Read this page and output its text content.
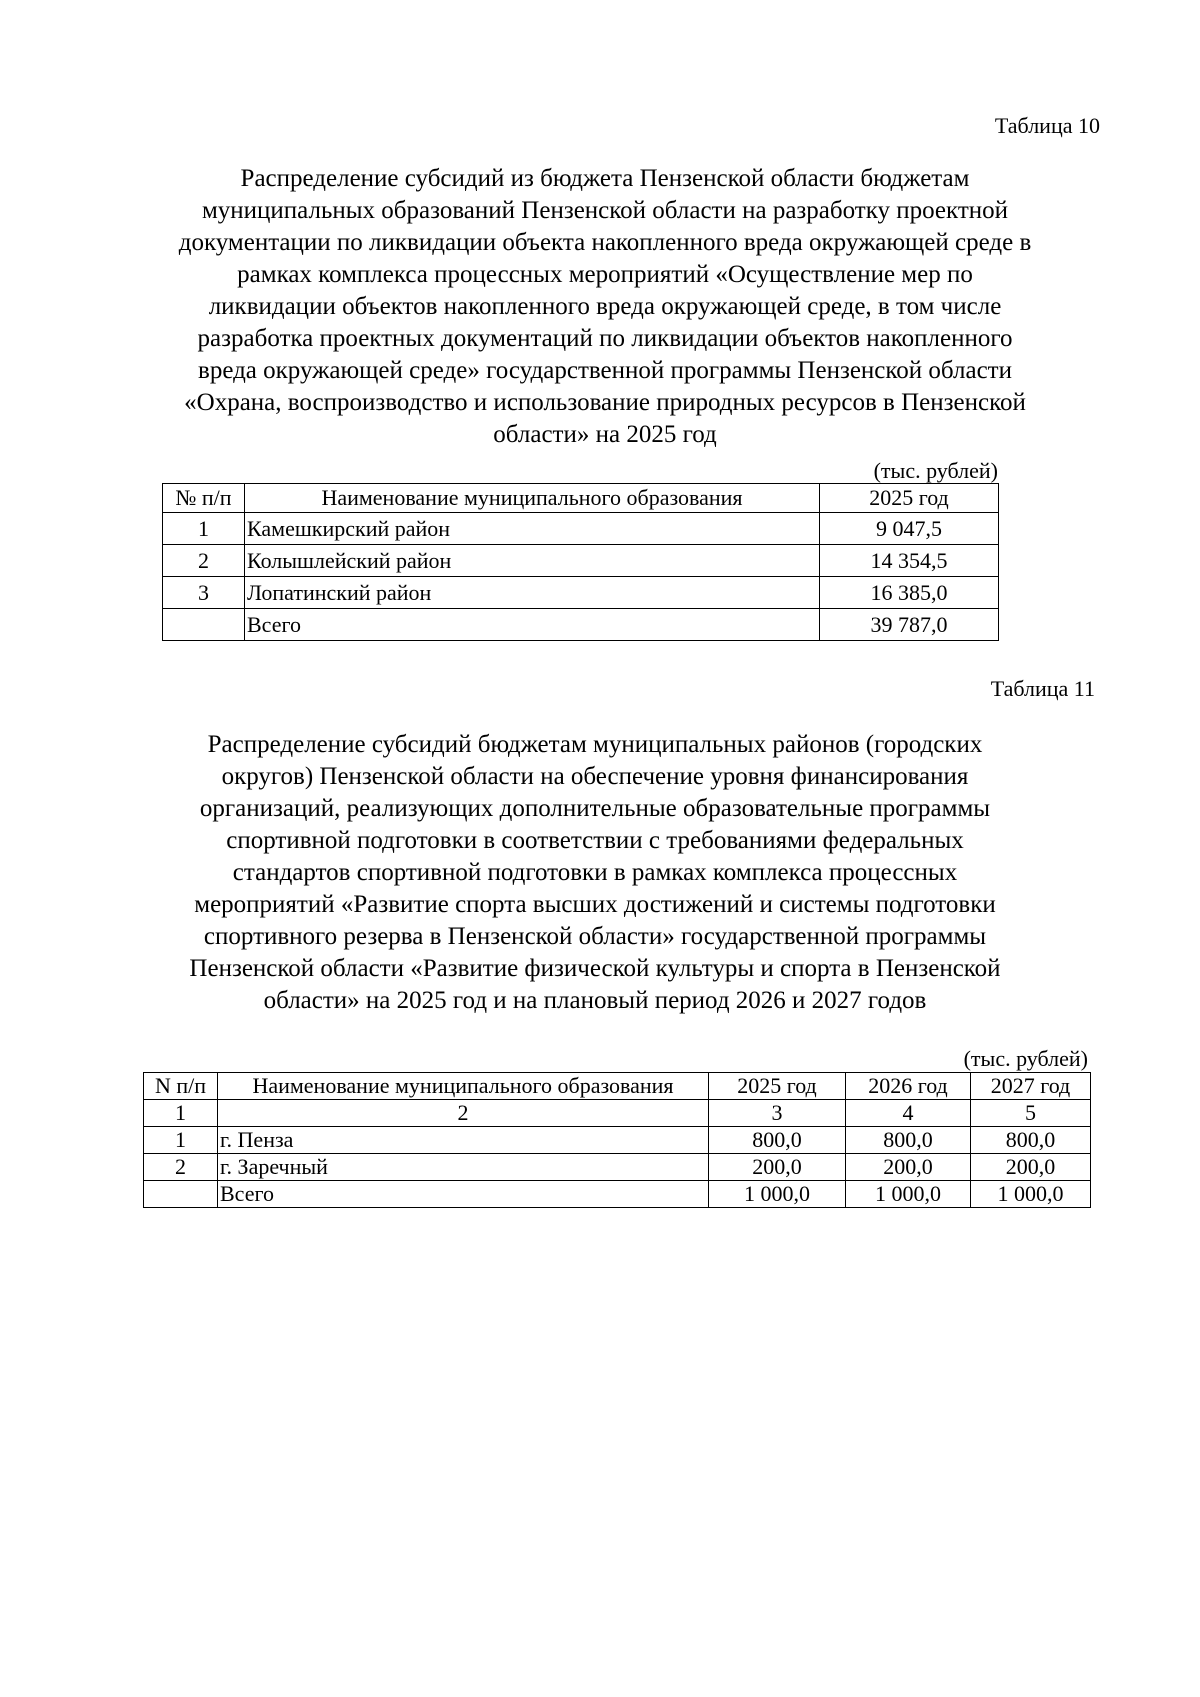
Таблица 10
Распределение субсидий из бюджета Пензенской области бюджетам
муниципальных образований Пензенской области на разработку проектной
документации по ликвидации объекта накопленного вреда окружающей среде в
рамках комплекса процессных мероприятий «Осуществление мер по
ликвидации объектов накопленного вреда окружающей среде, в том числе
разработка проектных документаций по ликвидации объектов накопленного
вреда окружающей среде» государственной программы Пензенской области
«Охрана, воспроизводство и использование природных ресурсов в Пензенской
области» на 2025 год
(тыс. рублей)
№ п/п	Наименование муниципального образования	2025 год
1	Камешкирский район	9 047,5
2	Колышлейский район	14 354,5
3	Лопатинский район	16 385,0
	Всего	39 787,0
Таблица 11
Распределение субсидий бюджетам муниципальных районов (городских
округов) Пензенской области на обеспечение уровня финансирования
организаций, реализующих дополнительные образовательные программы
спортивной подготовки в соответствии с требованиями федеральных
стандартов спортивной подготовки в рамках комплекса процессных
мероприятий «Развитие спорта высших достижений и системы подготовки
спортивного резерва в Пензенской области» государственной программы
Пензенской области «Развитие физической культуры и спорта в Пензенской
области» на 2025 год и на плановый период 2026 и 2027 годов
(тыс. рублей)
N п/п	Наименование муниципального образования	2025 год	2026 год	2027 год
1	2	3	4	5
1	г. Пенза	800,0	800,0	800,0
2	г. Заречный	200,0	200,0	200,0
	Всего	1 000,0	1 000,0	1 000,0
